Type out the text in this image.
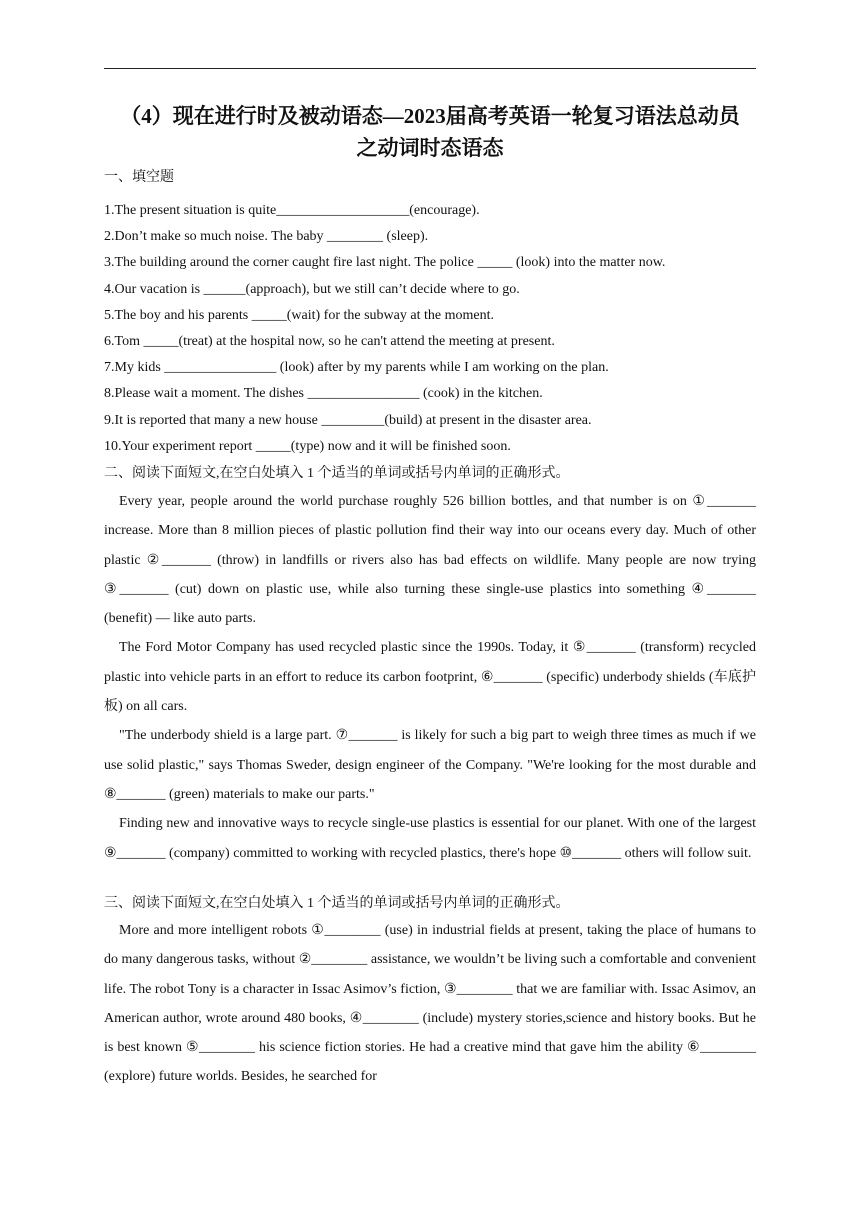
（4）现在进行时及被动语态—2023届高考英语一轮复习语法总动员
之动词时态语态
一、填空题
1.The present situation is quite___________________(encourage).
2.Don’t make so much noise. The baby ________ (sleep).
3.The building around the corner caught fire last night. The police _____ (look) into the matter now.
4.Our vacation is ______(approach), but we still can’t decide where to go.
5.The boy and his parents _____(wait) for the subway at the moment.
6.Tom _____(treat) at the hospital now, so he can't attend the meeting at present.
7.My kids ________________ (look) after by my parents while I am working on the plan.
8.Please wait a moment. The dishes ________________ (cook) in the kitchen.
9.It is reported that many a new house _________(build) at present in the disaster area.
10.Your experiment report _____(type) now and it will be finished soon.
二、阅读下面短文,在空白处填入 1 个适当的单词或括号内单词的正确形式。

Every year, people around the world purchase roughly 526 billion bottles, and that number is on ①_______ increase. More than 8 million pieces of plastic pollution find their way into our oceans every day. Much of other plastic ②_______ (throw) in landfills or rivers also has bad effects on wildlife. Many people are now trying ③_______ (cut) down on plastic use, while also turning these single-use plastics into something ④_______ (benefit) — like auto parts.

The Ford Motor Company has used recycled plastic since the 1990s. Today, it ⑤_______ (transform) recycled plastic into vehicle parts in an effort to reduce its carbon footprint, ⑥_______ (specific) underbody shields (车底护板) on all cars.

"The underbody shield is a large part. ⑦_______ is likely for such a big part to weigh three times as much if we use solid plastic," says Thomas Sweder, design engineer of the Company. "We're looking for the most durable and ⑧_______ (green) materials to make our parts."

Finding new and innovative ways to recycle single-use plastics is essential for our planet. With one of the largest ⑨_______ (company) committed to working with recycled plastics, there's hope ⑩_______ others will follow suit.

三、阅读下面短文,在空白处填入 1 个适当的单词或括号内单词的正确形式。

More and more intelligent robots ①________ (use) in industrial fields at present, taking the place of humans to do many dangerous tasks, without ②________ assistance, we wouldn’t be living such a comfortable and convenient life. The robot Tony is a character in Issac Asimov’s fiction, ③________ that we are familiar with. Issac Asimov, an American author, wrote around 480 books, ④________ (include) mystery stories,science and history books. But he is best known ⑤________ his science fiction stories. He had a creative mind that gave him the ability ⑥________ (explore) future worlds. Besides, he searched for
